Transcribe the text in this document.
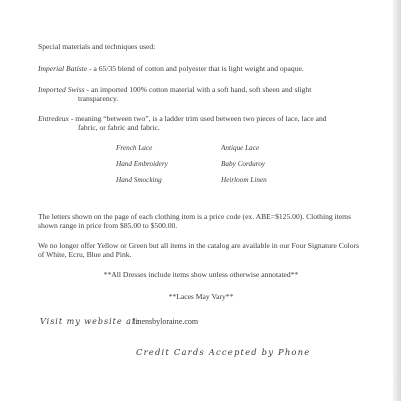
Special materials and techniques used:
Imperial Batiste - a 65/35 blend of cotton and polyester that is light weight and opaque.
Imported Swiss - an imported 100% cotton material with a soft hand, soft sheen and slight
transparency.
Entredeux - meaning “between two”, is a ladder trim used between two pieces of lace, lace and
fabric, or fabric and fabric.
French Lace	Antique Lace
Hand Embroidery	Baby Corduroy
Hand Smocking	Heirloom Linen
The letters shown on the page of each clothing item is a price code (ex. ABE=$125.00). Clothing items shown range in price from $85.00 to $500.00.
We no longer offer Yellow or Green but all items in the catalog are available in our Four Signature Colors of White, Ecru, Blue and Pink.
**All Dresses include items show unless otherwise annotated**
**Laces May Vary**
Visit my website at:
linensbyloraine.com
Credit Cards Accepted by Phone
